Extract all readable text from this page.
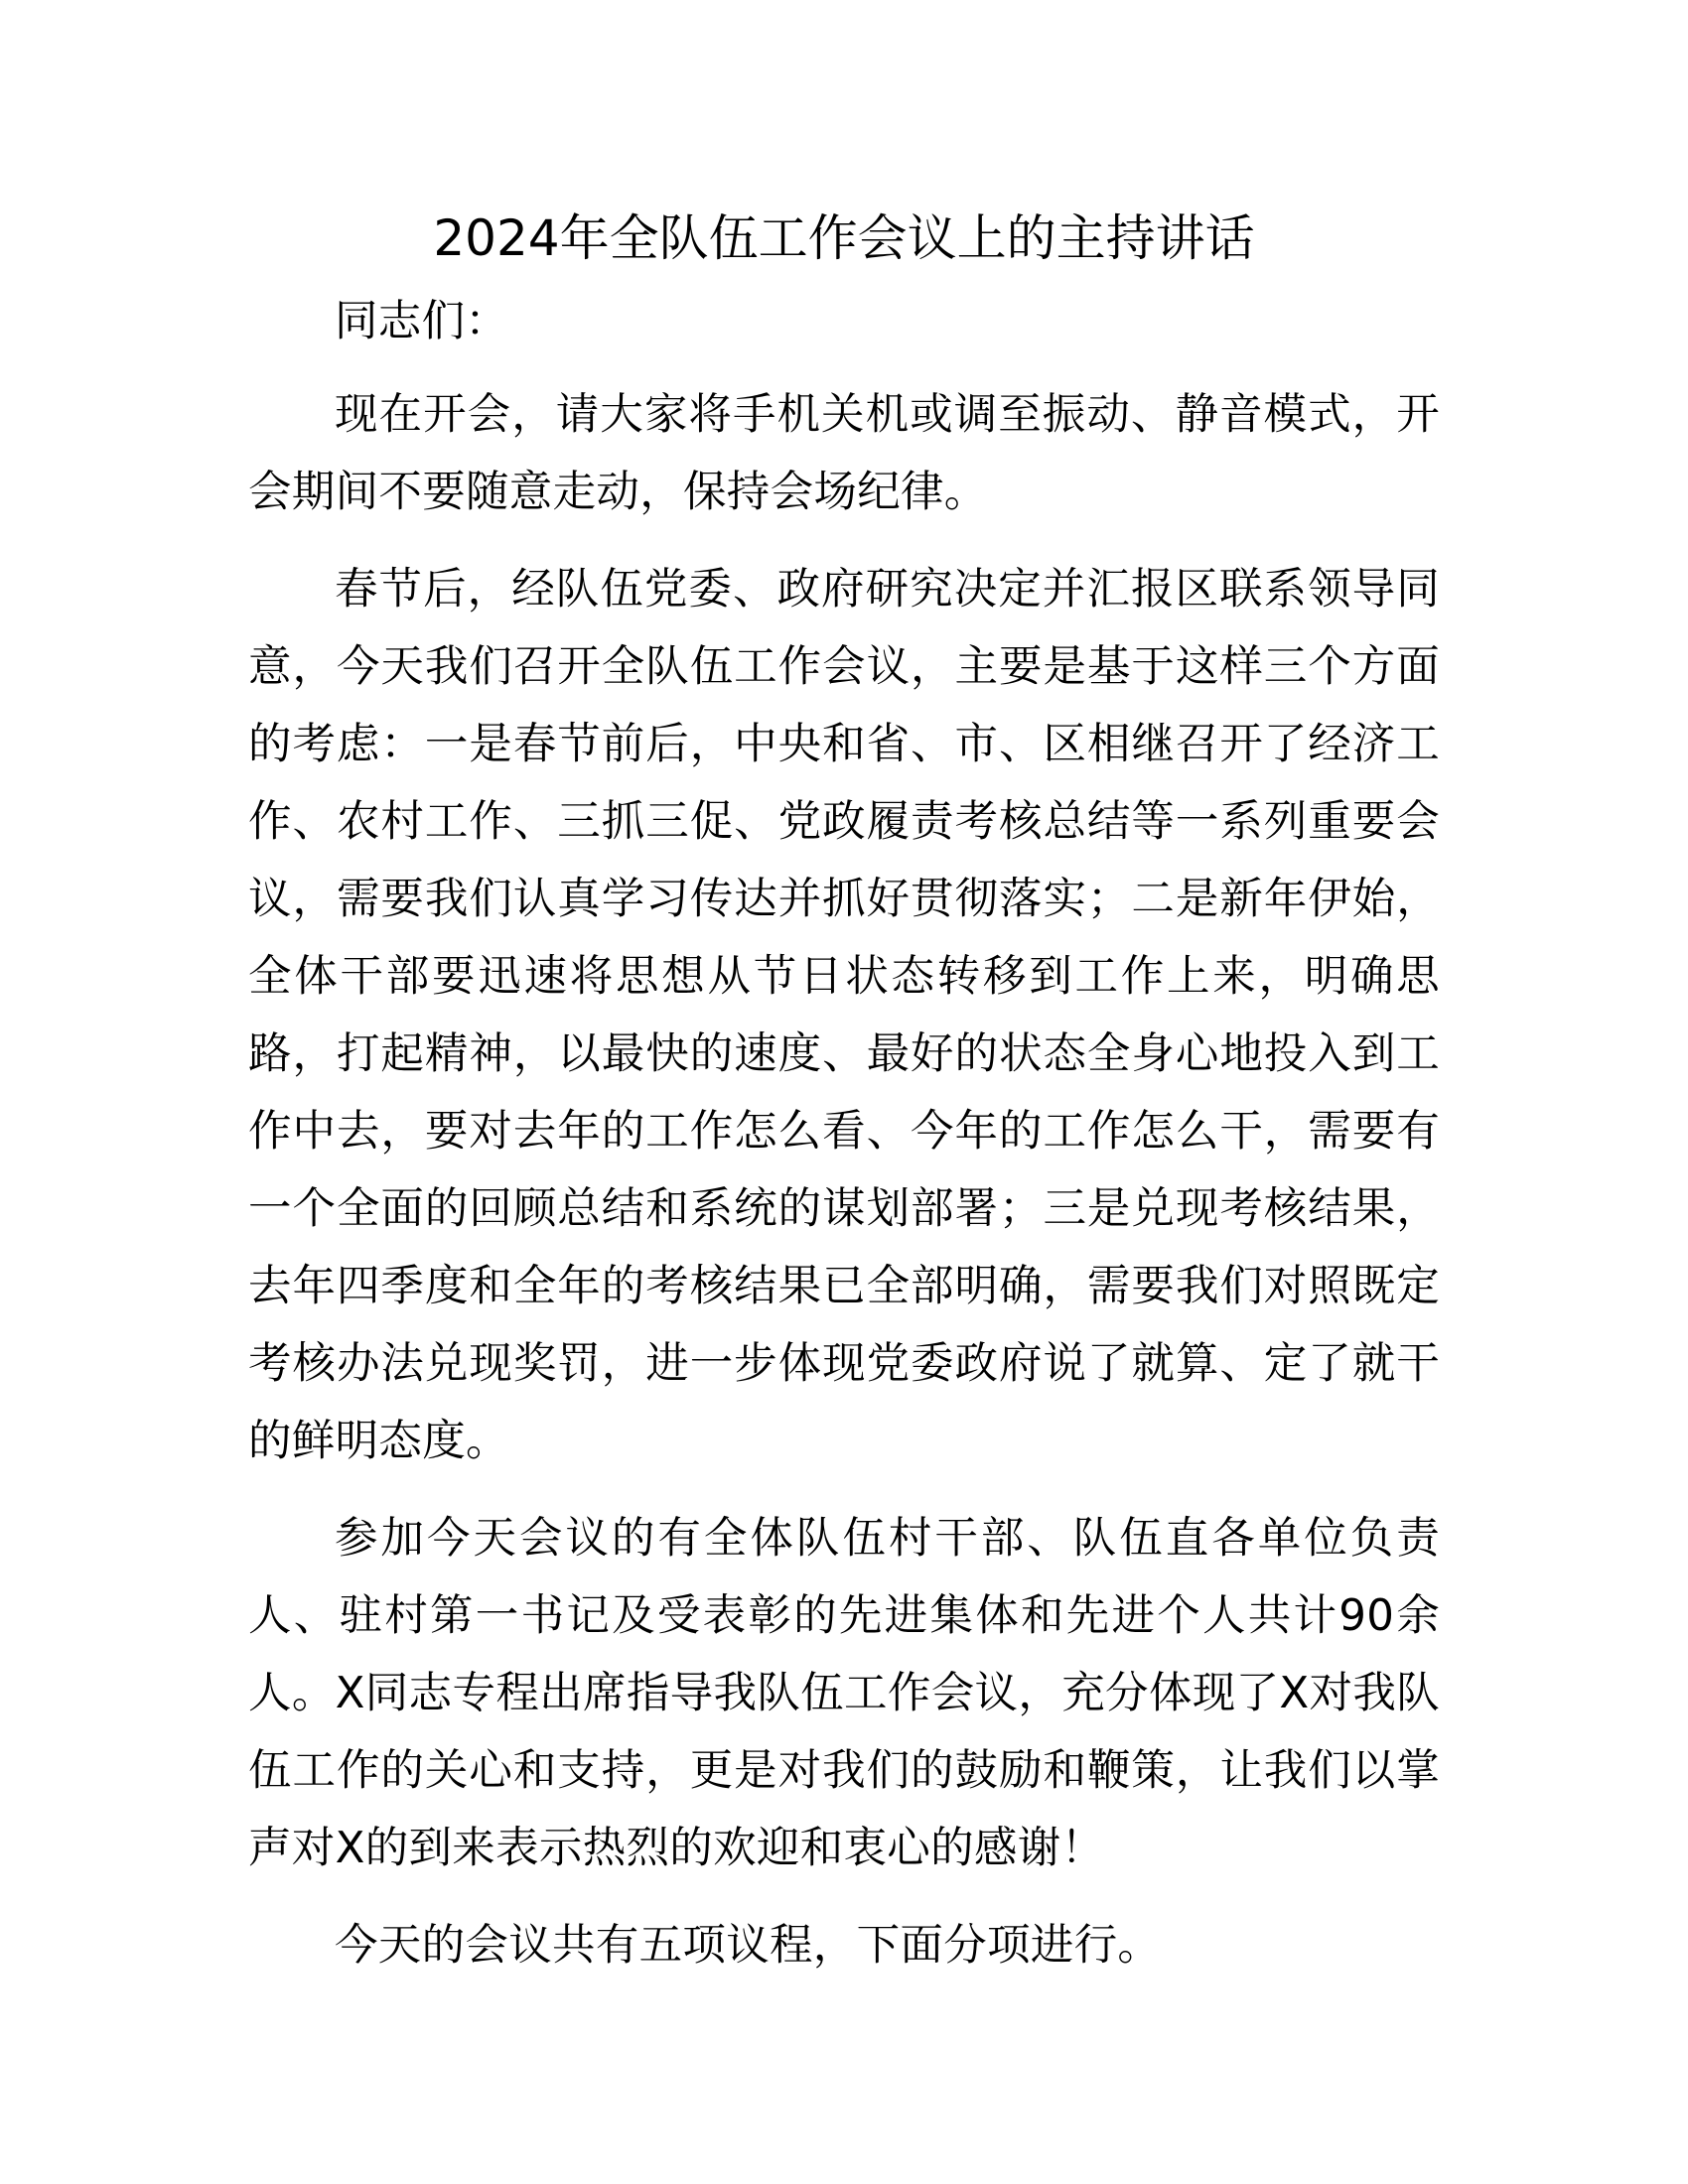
2024年全队伍工作会议上的主持讲话

同志们：

现在开会，请大家将手机关机或调至振动、静音模式，开会期间不要随意走动，保持会场纪律。

春节后，经队伍党委、政府研究决定并汇报区联系领导同意，今天我们召开全队伍工作会议，主要是基于这样三个方面的考虑：一是春节前后，中央和省、市、区相继召开了经济工作、农村工作、三抓三促、党政履责考核总结等一系列重要会议，需要我们认真学习传达并抓好贯彻落实；二是新年伊始，全体干部要迅速将思想从节日状态转移到工作上来，明确思路，打起精神，以最快的速度、最好的状态全身心地投入到工作中去，要对去年的工作怎么看、今年的工作怎么干，需要有一个全面的回顾总结和系统的谋划部署；三是兑现考核结果，去年四季度和全年的考核结果已全部明确，需要我们对照既定考核办法兑现奖罚，进一步体现党委政府说了就算、定了就干的鲜明态度。

参加今天会议的有全体队伍村干部、队伍直各单位负责人、驻村第一书记及受表彰的先进集体和先进个人共计90余人。X同志专程出席指导我队伍工作会议，充分体现了X对我队伍工作的关心和支持，更是对我们的鼓励和鞭策，让我们以掌声对X的到来表示热烈的欢迎和衷心的感谢！

今天的会议共有五项议程，下面分项进行。
